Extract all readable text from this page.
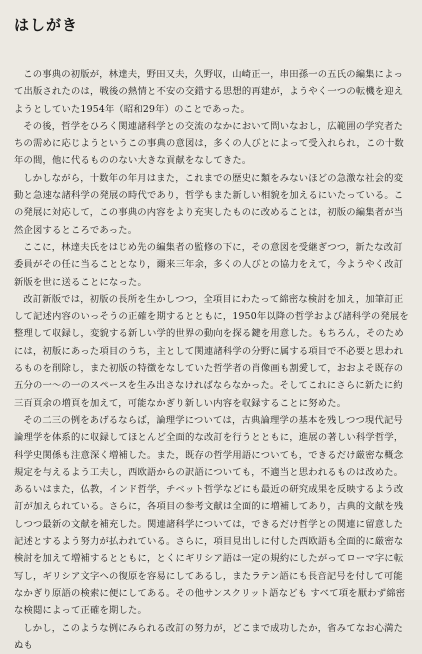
はしがき

この事典の初版が，林達夫，野田又夫，久野収，山崎正一，串田孫一の五氏の編集によって出版されたのは，戦後の熱情と不安の交錯する思想的再建が，ようやく一つの転機を迎えようとしていた1954年（昭和29年）のことであった。

その後，哲学をひろく関連諸科学との交流のなかにおいて問いなおし，広範囲の学究者たちの需めに応じようというこの事典の意図は，多くの人びとによって受入れられ，この十数年の間，他に代るもののない大きな貢献をなしてきた。

しかしながら，十数年の年月はまた，これまでの歴史に類をみないほどの急激な社会的変動と急速な諸科学の発展の時代であり，哲学もまた新しい相貌を加えるにいたっている。この発展に対応して，この事典の内容をより充実したものに改めることは，初版の編集者が当然企図するところであった。

ここに，林達夫氏をはじめ先の編集者の監修の下に，その意図を受継ぎつつ，新たな改訂委員がその任に当ることとなり，爾来三年余，多くの人びとの協力をえて，今ようやく改訂新版を世に送ることになった。

改訂新版では，初版の長所を生かしつつ，全項目にわたって綿密な検討を加え，加筆訂正して記述内容のいっそうの正確を期するとともに，1950年以降の哲学および諸科学の発展を整理して収録し，変貌する新しい学的世界の動向を探る鍵を用意した。もちろん，そのためには，初版にあった項目のうち，主として関連諸科学の分野に属する項目で不必要と思われるものを削除し，また初版の特徴をなしていた哲学者の肖像画も割愛して，おおよそ既存の五分の一～の一のスペースを生み出さなければならなかった。そしてこれにさらに新たに約三百頁余の増頁を加えて，可能なかぎり新しい内容を収録することに努めた。

その二三の例をあげるならば，論理学については，古典論理学の基本を残しつつ現代記号論理学を体系的に収録してほとんど全面的な改訂を行うとともに，進展の著しい科学哲学，科学史関係も注意深く増補した。また，既存の哲学用語についても，できるだけ厳密な概念規定を与えるよう工夫し，西欧語からの訳語についても，不適当と思われるものは改めた。あるいはまた，仏教，インド哲学，チベット哲学などにも最近の研究成果を反映するよう改訂が加えられている。さらに，各項目の参考文献は全面的に増補してあり，古典的文献を残しつつ最新の文献を補充した。関連諸科学については，できるだけ哲学との関連に留意した記述とするよう努力が払われている。さらに，項目見出しに付した西欧語も全面的に厳密な検討を加えて増補するとともに，とくにギリシア語は一定の規約にしたがってローマ字に転写し，ギリシア文字への復原を容易にしてあるし，またラテン語にも長音記号を付して可能なかぎり原語の検索に便にしてある。その他サンスクリット語なども すべて項を厭わず綿密な検閲によって正確を期した。

しかし，このような例にみられる改訂の努力が，どこまで成功したか，省みてなお心満たぬも
